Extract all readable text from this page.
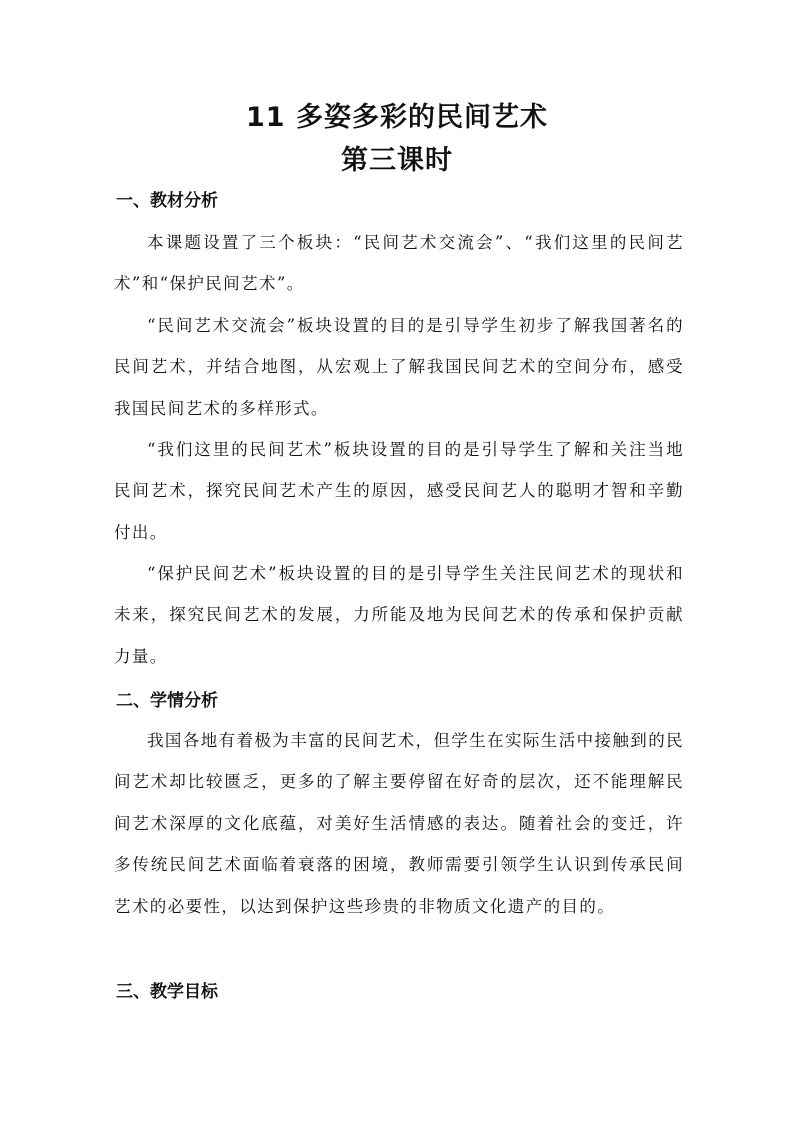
11 多姿多彩的民间艺术
第三课时
一、教材分析
本课题设置了三个板块：“民间艺术交流会”、“我们这里的民间艺术”和“保护民间艺术”。
“民间艺术交流会”板块设置的目的是引导学生初步了解我国著名的民间艺术，并结合地图，从宏观上了解我国民间艺术的空间分布，感受我国民间艺术的多样形式。
“我们这里的民间艺术”板块设置的目的是引导学生了解和关注当地民间艺术，探究民间艺术产生的原因，感受民间艺人的聪明才智和辛勤付出。
“保护民间艺术”板块设置的目的是引导学生关注民间艺术的现状和未来，探究民间艺术的发展，力所能及地为民间艺术的传承和保护贡献力量。
二、学情分析
我国各地有着极为丰富的民间艺术，但学生在实际生活中接触到的民间艺术却比较匮乏，更多的了解主要停留在好奇的层次，还不能理解民间艺术深厚的文化底蕴，对美好生活情感的表达。随着社会的变迁，许多传统民间艺术面临着衰落的困境，教师需要引领学生认识到传承民间艺术的必要性，以达到保护这些珍贵的非物质文化遗产的目的。
三、教学目标
